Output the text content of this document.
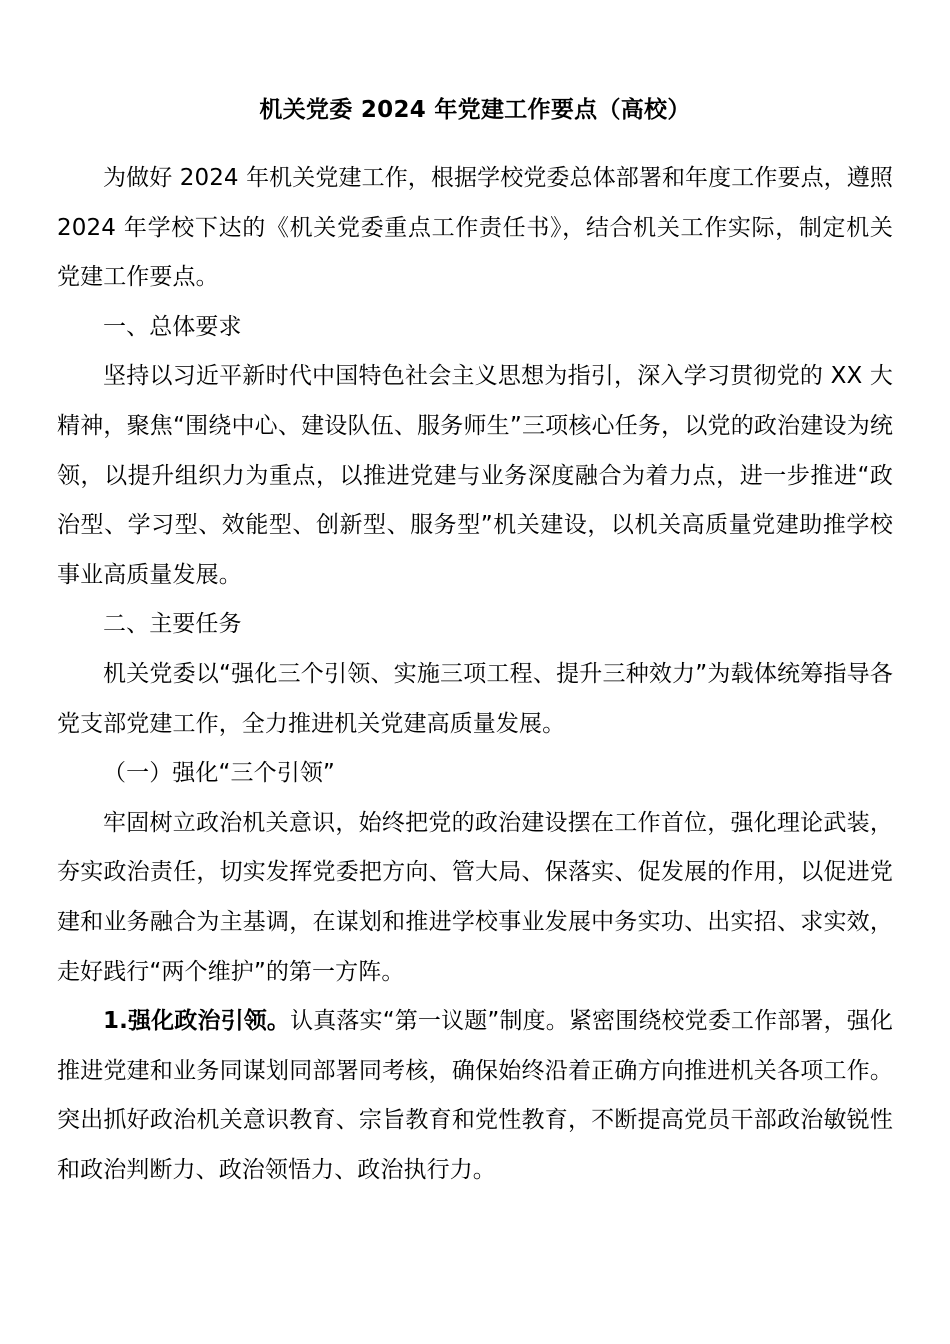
机关党委 2024 年党建工作要点（高校）

为做好 2024 年机关党建工作，根据学校党委总体部署和年度工作要点，遵照 2024 年学校下达的《机关党委重点工作责任书》，结合机关工作实际，制定机关党建工作要点。

一、总体要求

坚持以习近平新时代中国特色社会主义思想为指引，深入学习贯彻党的 XX 大精神，聚焦“围绕中心、建设队伍、服务师生”三项核心任务，以党的政治建设为统领，以提升组织力为重点，以推进党建与业务深度融合为着力点，进一步推进“政治型、学习型、效能型、创新型、服务型”机关建设，以机关高质量党建助推学校事业高质量发展。

二、主要任务

机关党委以“强化三个引领、实施三项工程、提升三种效力”为载体统筹指导各党支部党建工作，全力推进机关党建高质量发展。

（一）强化“三个引领”

牢固树立政治机关意识，始终把党的政治建设摆在工作首位，强化理论武装，夯实政治责任，切实发挥党委把方向、管大局、保落实、促发展的作用，以促进党建和业务融合为主基调，在谋划和推进学校事业发展中务实功、出实招、求实效，走好践行“两个维护”的第一方阵。

1.强化政治引领。认真落实“第一议题”制度。紧密围绕校党委工作部署，强化推进党建和业务同谋划同部署同考核，确保始终沿着正确方向推进机关各项工作。突出抓好政治机关意识教育、宗旨教育和党性教育，不断提高党员干部政治敏锐性和政治判断力、政治领悟力、政治执行力。
